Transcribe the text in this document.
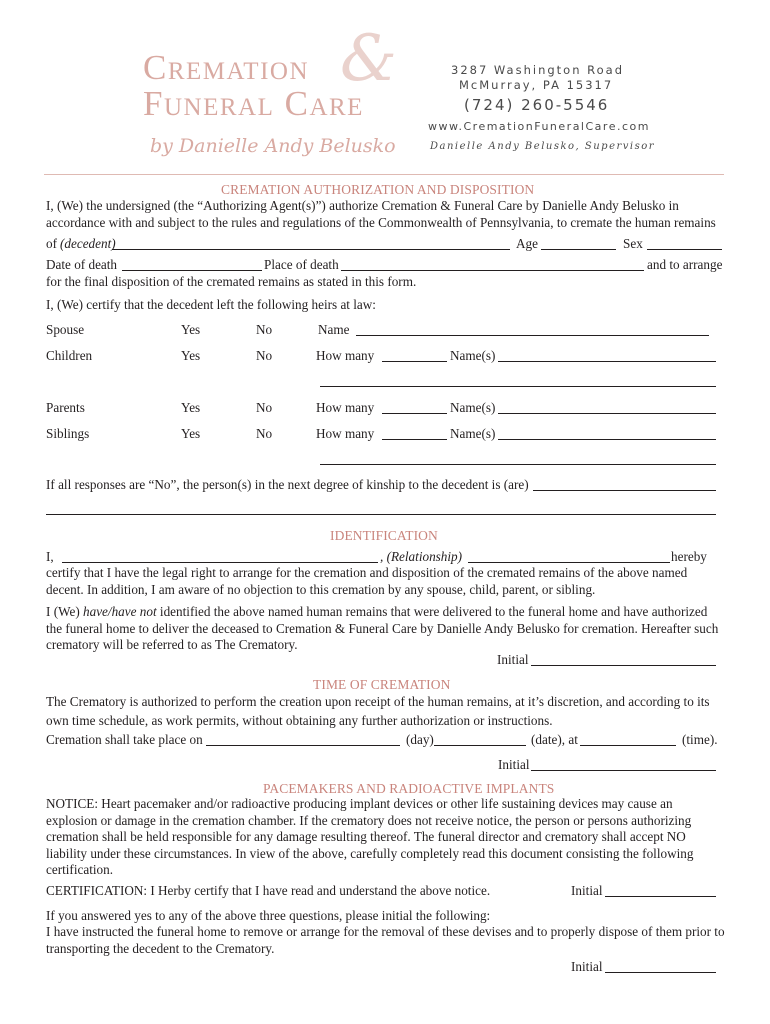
Cremation &
Funeral Care
by Danielle Andy Belusko
3287 Washington Road
McMurray, PA 15317
(724) 260-5546
www.CremationFuneralCare.com
Danielle Andy Belusko, Supervisor
CREMATION AUTHORIZATION AND DISPOSITION
I, (We) the undersigned (the “Authorizing Agent(s)”) authorize Cremation & Funeral Care by Danielle Andy Belusko in accordance with and subject to the rules and regulations of the Commonwealth of Pennsylvania, to cremate the human remains
of (decedent)	Age	Sex
Date of death	Place of death	and to arrange
for the final disposition of the cremated remains as stated in this form.
I, (We) certify that the decedent left the following heirs at law:
Spouse	Yes	No	Name
Children	Yes	No	How many	Name(s)
Parents	Yes	No	How many	Name(s)
Siblings	Yes	No	How many	Name(s)
If all responses are “No”, the person(s) in the next degree of kinship to the decedent is (are)
IDENTIFICATION
I,	, (Relationship)	hereby
certify that I have the legal right to arrange for the cremation and disposition of the cremated remains of the above named decent. In addition, I am aware of no objection to this cremation by any spouse, child, parent, or sibling.
I (We) have/have not identified the above named human remains that were delivered to the funeral home and have authorized the funeral home to deliver the deceased to Cremation & Funeral Care by Danielle Andy Belusko for cremation. Hereafter such crematory will be referred to as The Crematory.
Initial
TIME OF CREMATION
The Crematory is authorized to perform the creation upon receipt of the human remains, at it’s discretion, and according to its own time schedule, as work permits, without obtaining any further authorization or instructions.
Cremation shall take place on	(day)	(date), at	(time).
Initial
PACEMAKERS AND RADIOACTIVE IMPLANTS
NOTICE: Heart pacemaker and/or radioactive producing implant devices or other life sustaining devices may cause an explosion or damage in the cremation chamber. If the crematory does not receive notice, the person or persons authorizing cremation shall be held responsible for any damage resulting thereof. The funeral director and crematory shall accept NO liability under these circumstances. In view of the above, carefully completely read this document consisting the following certification.
CERTIFICATION: I Herby certify that I have read and understand the above notice.	Initial
If you answered yes to any of the above three questions, please initial the following:
I have instructed the funeral home to remove or arrange for the removal of these devises and to properly dispose of them prior to transporting the decedent to the Crematory.
Initial
